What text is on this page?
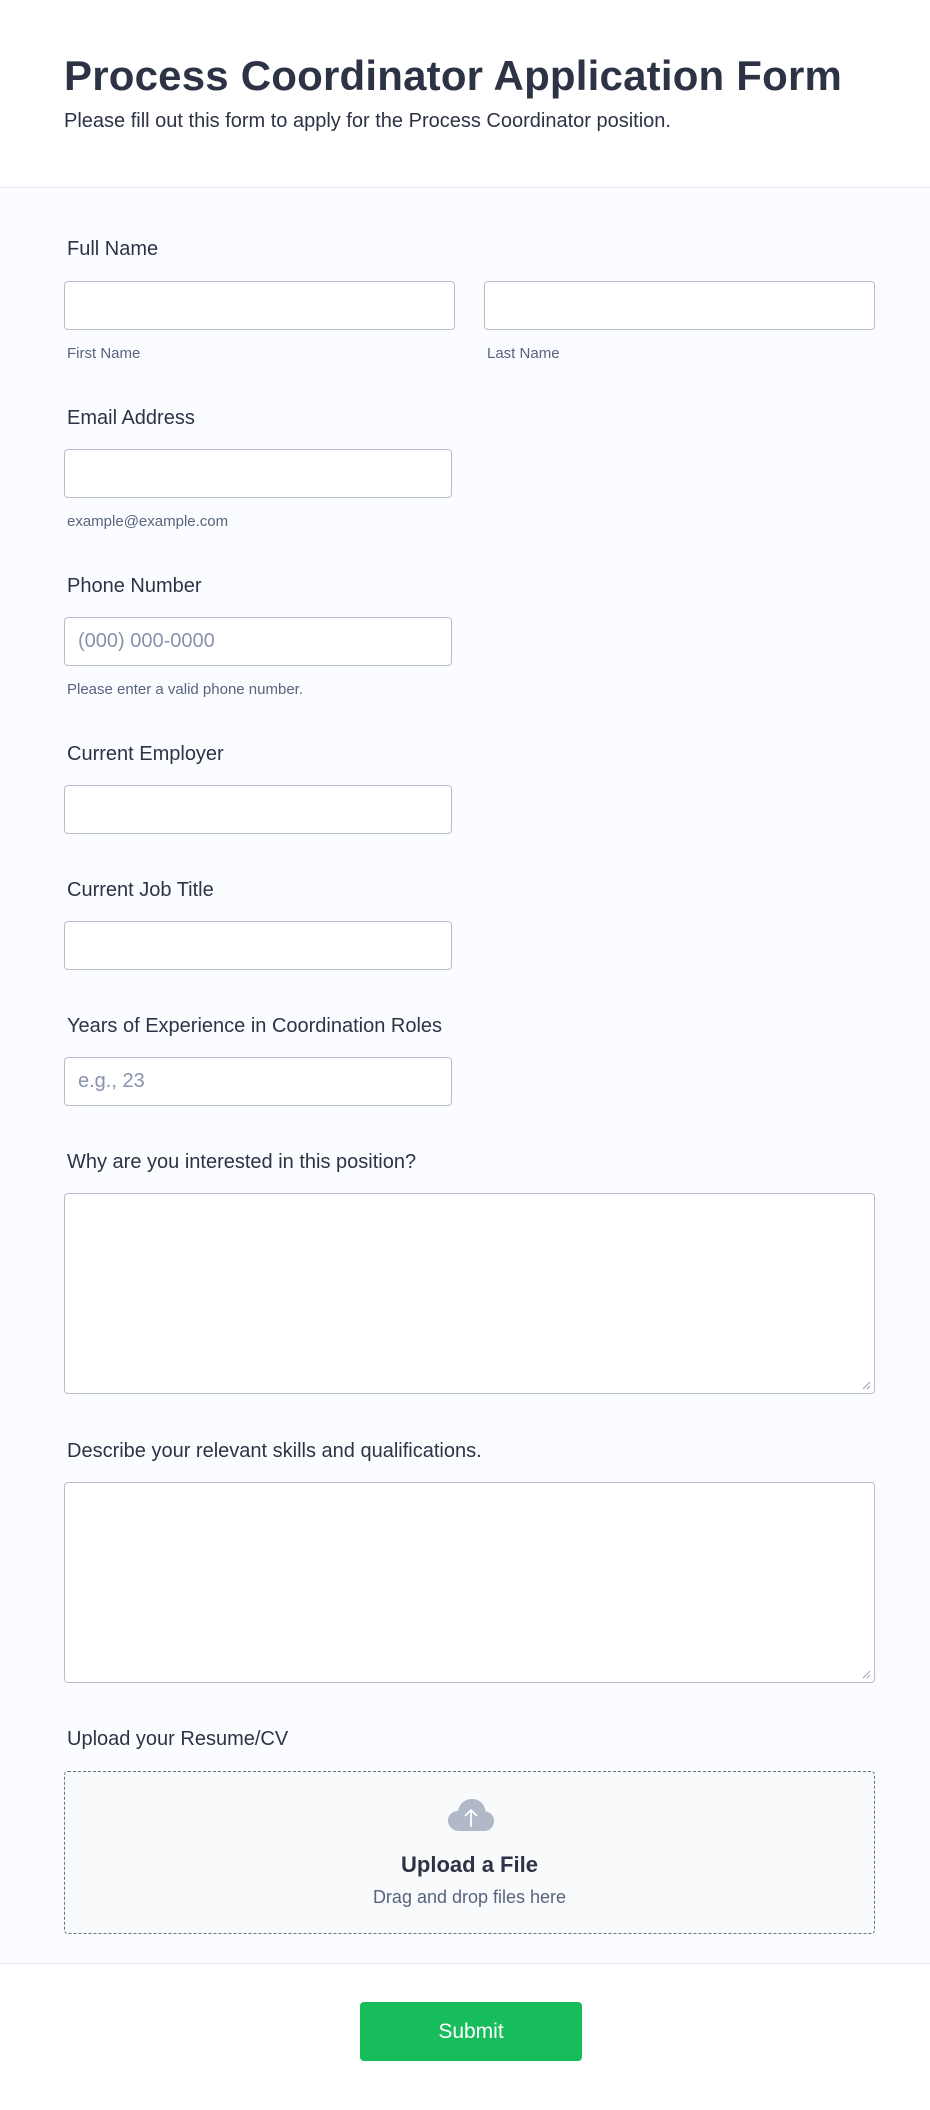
Process Coordinator Application Form

Please fill out this form to apply for the Process Coordinator position.

Full Name
First Name	Last Name
Email Address
example@example.com
Phone Number
(000) 000-0000
Please enter a valid phone number.
Current Employer
Current Job Title
Years of Experience in Coordination Roles
e.g., 23
Why are you interested in this position?
Describe your relevant skills and qualifications.
Upload your Resume/CV
Upload a File
Drag and drop files here
Submit
